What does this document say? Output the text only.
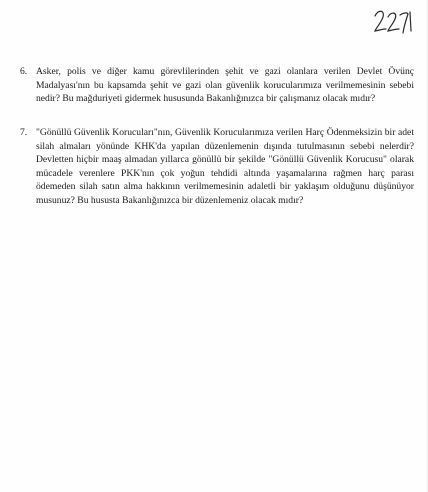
6. Asker, polis ve diğer kamu görevlilerinden şehit ve gazi olanlara verilen Devlet Övünç Madalyası'nın bu kapsamda şehit ve gazi olan güvenlik korucularımıza verilmemesinin sebebi nedir? Bu mağduriyeti gidermek hususunda Bakanlığınızca bir çalışmanız olacak mıdır?
7. "Gönüllü Güvenlik Korucuları"nın, Güvenlik Korucularımıza verilen Harç Ödenmeksizin bir adet silah almaları yönünde KHK'da yapılan düzenlemenin dışında tutulmasının sebebi nelerdir? Devletten hiçbir maaş almadan yıllarca gönüllü bir şekilde "Gönüllü Güvenlik Korucusu" olarak mücadele verenlere PKK'nın çok yoğun tehdidi altında yaşamalarına rağmen harç parası ödemeden silah satın alma hakkının verilmemesinin adaletli bir yaklaşım olduğunu düşünüyor musunuz? Bu hususta Bakanlığınızca bir düzenlemeniz olacak mıdır?
